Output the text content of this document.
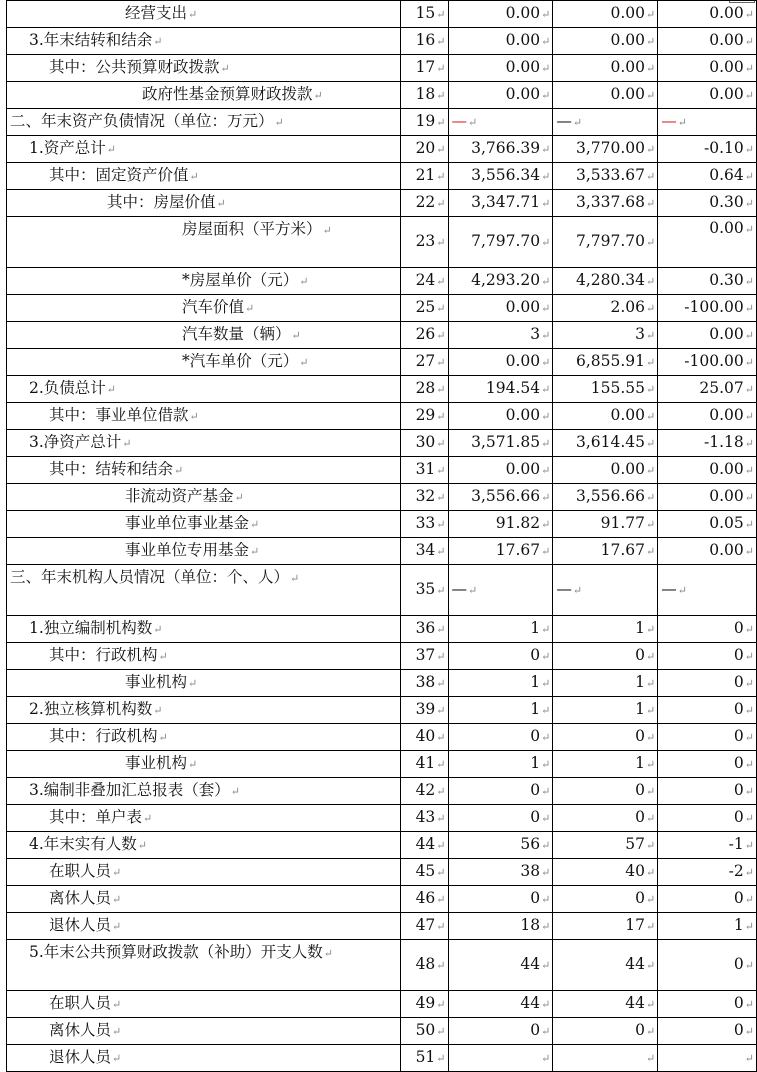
经营支出↵	15↵	0.00↵	0.00↵	0.00↵
3.年末结转和结余↵	16↵	0.00↵	0.00↵	0.00↵
其中：公共预算财政拨款↵	17↵	0.00↵	0.00↵	0.00↵
政府性基金预算财政拨款↵	18↵	0.00↵	0.00↵	0.00↵
二、年末资产负债情况（单位：万元）↵	19↵	—↵	—↵	—↵
1.资产总计↵	20↵	3,766.39↵	3,770.00↵	-0.10↵
其中：固定资产价值↵	21↵	3,556.34↵	3,533.67↵	0.64↵
其中：房屋价值↵	22↵	3,347.71↵	3,337.68↵	0.30↵
房屋面积（平方米）↵	23↵	7,797.70↵	7,797.70↵	0.00↵
*房屋单价（元）↵	24↵	4,293.20↵	4,280.34↵	0.30↵
汽车价值↵	25↵	0.00↵	2.06↵	-100.00↵
汽车数量（辆）↵	26↵	3↵	3↵	0.00↵
*汽车单价（元）↵	27↵	0.00↵	6,855.91↵	-100.00↵
2.负债总计↵	28↵	194.54↵	155.55↵	25.07↵
其中：事业单位借款↵	29↵	0.00↵	0.00↵	0.00↵
3.净资产总计↵	30↵	3,571.85↵	3,614.45↵	-1.18↵
其中：结转和结余↵	31↵	0.00↵	0.00↵	0.00↵
非流动资产基金↵	32↵	3,556.66↵	3,556.66↵	0.00↵
事业单位事业基金↵	33↵	91.82↵	91.77↵	0.05↵
事业单位专用基金↵	34↵	17.67↵	17.67↵	0.00↵
三、年末机构人员情况（单位：个、人）↵	35↵	—↵	—↵	—↵
1.独立编制机构数↵	36↵	1↵	1↵	0↵
其中：行政机构↵	37↵	0↵	0↵	0↵
事业机构↵	38↵	1↵	1↵	0↵
2.独立核算机构数↵	39↵	1↵	1↵	0↵
其中：行政机构↵	40↵	0↵	0↵	0↵
事业机构↵	41↵	1↵	1↵	0↵
3.编制非叠加汇总报表（套）↵	42↵	0↵	0↵	0↵
其中：单户表↵	43↵	0↵	0↵	0↵
4.年末实有人数↵	44↵	56↵	57↵	-1↵
在职人员↵	45↵	38↵	40↵	-2↵
离休人员↵	46↵	0↵	0↵	0↵
退休人员↵	47↵	18↵	17↵	1↵
5.年末公共预算财政拨款（补助）开支人数↵	48↵	44↵	44↵	0↵
在职人员↵	49↵	44↵	44↵	0↵
离休人员↵	50↵	0↵	0↵	0↵
退休人员↵	51↵	↵	↵	↵
